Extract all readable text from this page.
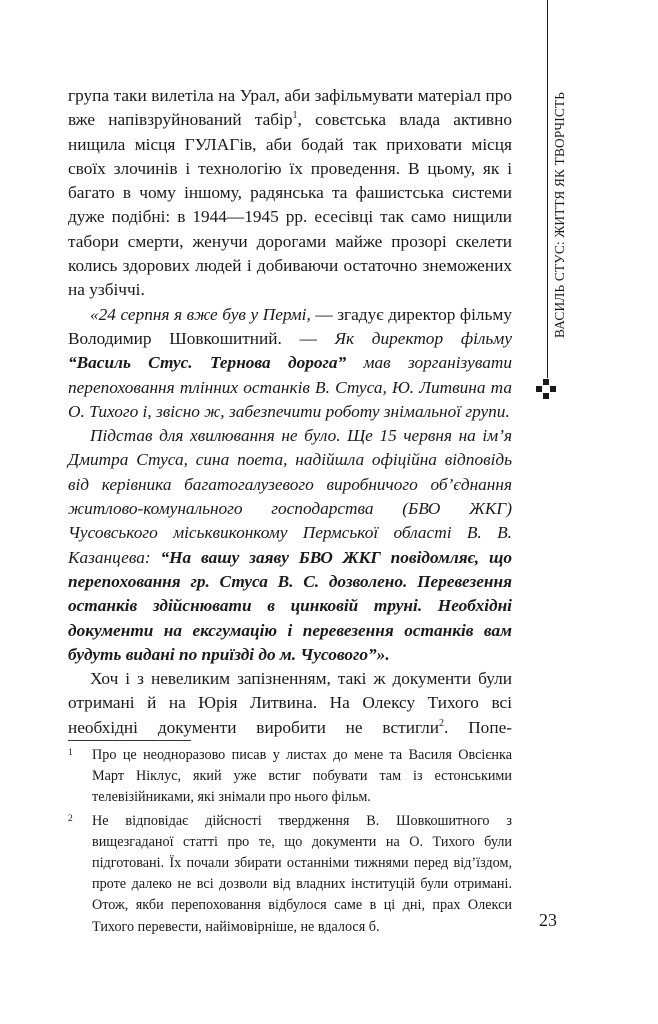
ВАСИЛЬ СТУС: ЖИТТЯ ЯК ТВОРЧІСТЬ

група таки вилетіла на Урал, аби зафільмувати матеріал про вже напівзруйнований табір$^1$, совєтська влада активно нищила місця ГУЛАГів, аби бодай так приховати місця своїх злочинів і технологію їх проведення. В цьому, як і багато в чому іншому, радянська та фашистська системи дуже подібні: в 1944—1945 рр. есесівці так само нищили табори смерти, женучи дорогами майже прозорі скелети колись здорових людей і добиваючи остаточно знеможених на узбіччі.

«24 серпня я вже був у Пермі, — згадує директор фільму Володимир Шовкошитний. — Як директор фільму “Василь Стус. Тернова дорога” мав зорганізувати перепоховання тлінних останків В. Стуса, Ю. Литвина та О. Тихого і, звісно ж, забезпечити роботу знімальної групи.

Підстав для хвилювання не було. Ще 15 червня на ім’я Дмитра Стуса, сина поета, надійшла офіційна відповідь від керівника багатогалузевого виробничого об’єднання житлово-комунального господарства (БВО ЖКГ) Чусовського міськвиконкому Пермської області В. В. Казанцева: “На вашу заяву БВО ЖКГ повідомляє, що перепоховання гр. Стуса В. С. дозволено. Перевезення останків здійснювати в цинковій труні. Необхідні документи на ексгумацію і перевезення останків вам будуть видані по приїзді до м. Чусового”».

Хоч і з невеликим запізненням, такі ж документи були отримані й на Юрія Литвина. На Олексу Тихого всі необхідні документи виробити не встигли$^2$. Попе-

1 Про це неодноразово писав у листах до мене та Василя Овсієнка Март Ніклус, який уже встиг побувати там із естонськими телевізійниками, які знімали про нього фільм.
2 Не відповідає дійсності твердження В. Шовкошитного з вищезгаданої статті про те, що документи на О. Тихого були підготовані. Їх почали збирати останніми тижнями перед від’їздом, проте далеко не всі дозволи від владних інституцій були отримані. Отож, якби перепоховання відбулося саме в ці дні, прах Олекси Тихого перевести, найімовірніше, не вдалося б.	23
